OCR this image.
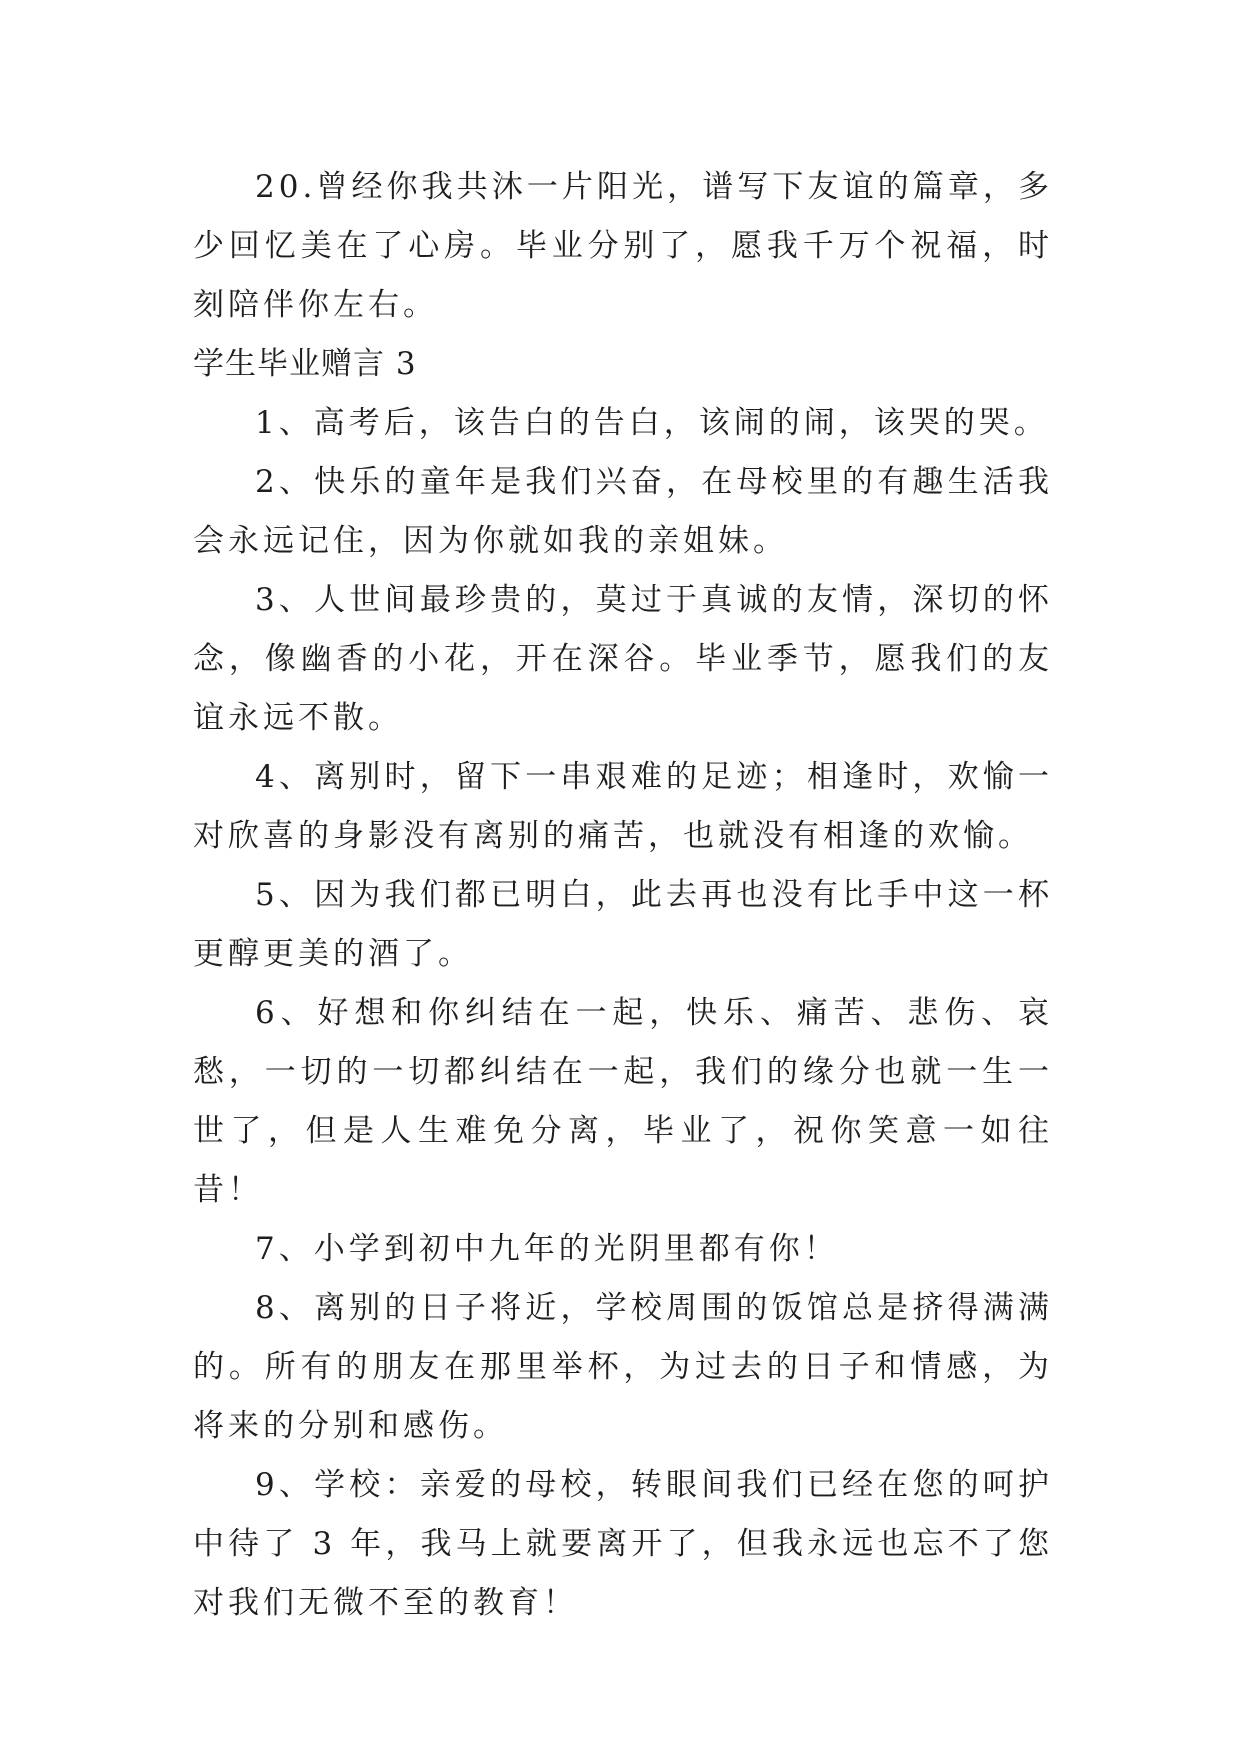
20.曾经你我共沐一片阳光，谱写下友谊的篇章，多少回忆美在了心房。毕业分别了，愿我千万个祝福，时刻陪伴你左右。

学生毕业赠言 3

1、高考后，该告白的告白，该闹的闹，该哭的哭。

2、快乐的童年是我们兴奋，在母校里的有趣生活我会永远记住，因为你就如我的亲姐妹。

3、人世间最珍贵的，莫过于真诚的友情，深切的怀念，像幽香的小花，开在深谷。毕业季节，愿我们的友谊永远不散。

4、离别时，留下一串艰难的足迹；相逢时，欢愉一对欣喜的身影没有离别的痛苦，也就没有相逢的欢愉。

5、因为我们都已明白，此去再也没有比手中这一杯更醇更美的酒了。

6、好想和你纠结在一起，快乐、痛苦、悲伤、哀愁，一切的一切都纠结在一起，我们的缘分也就一生一世了，但是人生难免分离，毕业了，祝你笑意一如往昔！

7、小学到初中九年的光阴里都有你！

8、离别的日子将近，学校周围的饭馆总是挤得满满的。所有的朋友在那里举杯，为过去的日子和情感，为将来的分别和感伤。

9、学校：亲爱的母校，转眼间我们已经在您的呵护中待了 3 年，我马上就要离开了，但我永远也忘不了您对我们无微不至的教育！
